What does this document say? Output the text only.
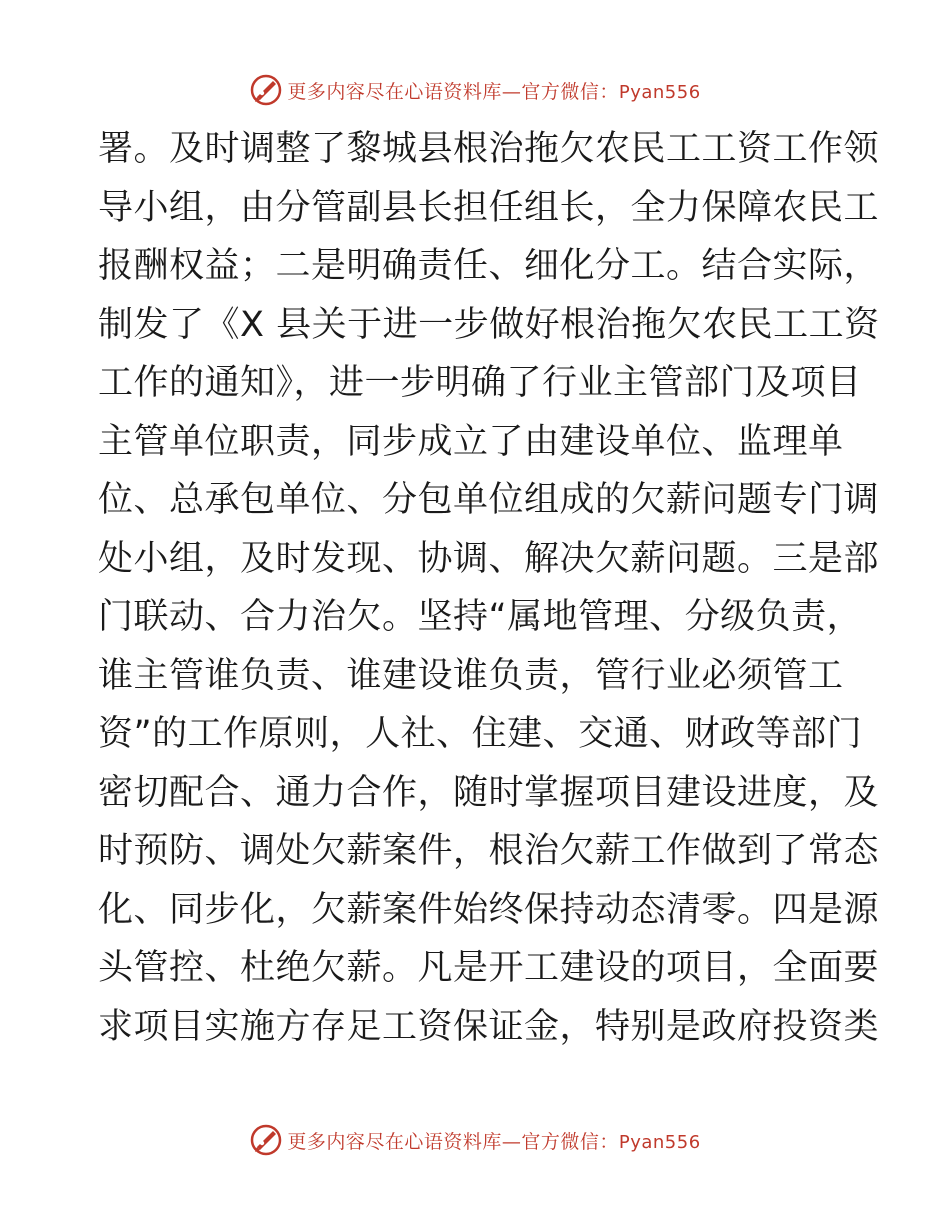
更多内容尽在心语资料库—官方微信：Pyan556
署。及时调整了黎城县根治拖欠农民工工资工作领
导小组，由分管副县长担任组长，全力保障农民工
报酬权益；二是明确责任、细化分工。结合实际，
制发了《X 县关于进一步做好根治拖欠农民工工资
工作的通知》，进一步明确了行业主管部门及项目
主管单位职责，同步成立了由建设单位、监理单
位、总承包单位、分包单位组成的欠薪问题专门调
处小组，及时发现、协调、解决欠薪问题。三是部
门联动、合力治欠。坚持“属地管理、分级负责，
谁主管谁负责、谁建设谁负责，管行业必须管工
资”的工作原则，人社、住建、交通、财政等部门
密切配合、通力合作，随时掌握项目建设进度，及
时预防、调处欠薪案件，根治欠薪工作做到了常态
化、同步化，欠薪案件始终保持动态清零。四是源
头管控、杜绝欠薪。凡是开工建设的项目，全面要
求项目实施方存足工资保证金，特别是政府投资类
更多内容尽在心语资料库—官方微信：Pyan556
